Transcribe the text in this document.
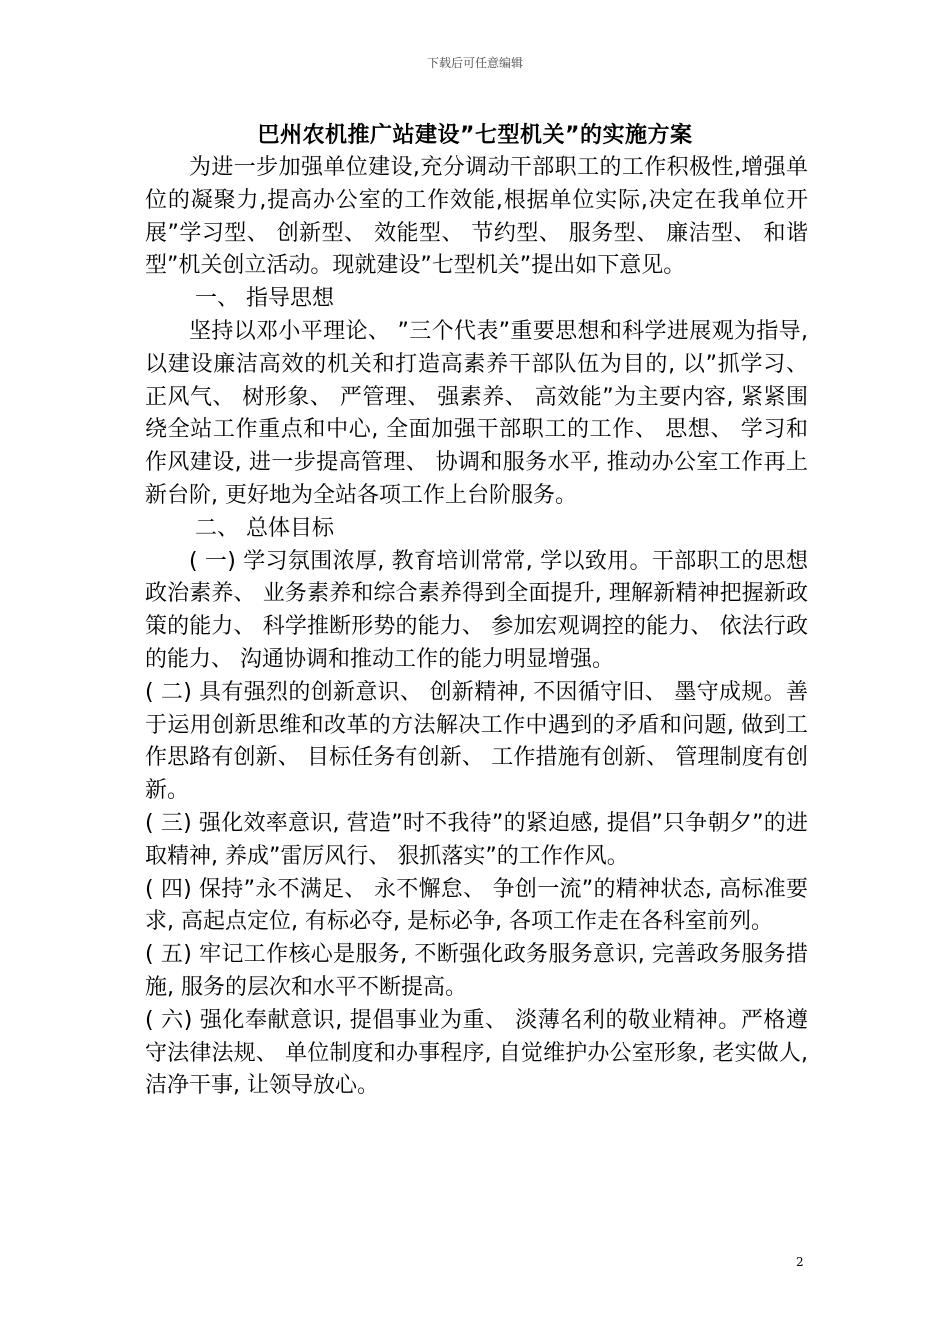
下载后可任意编辑
巴州农机推广站建设”七型机关”的实施方案

为进一步加强单位建设,充分调动干部职工的工作积极性,增强单位的凝聚力,提高办公室的工作效能,根据单位实际,决定在我单位开展”学习型、 创新型、 效能型、 节约型、 服务型、 廉洁型、 和谐型”机关创立活动。现就建设”七型机关”提出如下意见。

一、 指导思想

坚持以邓小平理论、 ”三个代表”重要思想和科学进展观为指导, 以建设廉洁高效的机关和打造高素养干部队伍为目的, 以”抓学习、 正风气、 树形象、 严管理、 强素养、 高效能”为主要内容, 紧紧围绕全站工作重点和中心, 全面加强干部职工的工作、 思想、 学习和作风建设, 进一步提高管理、 协调和服务水平, 推动办公室工作再上新台阶, 更好地为全站各项工作上台阶服务。

二、 总体目标

( 一) 学习氛围浓厚, 教育培训常常, 学以致用。干部职工的思想政治素养、 业务素养和综合素养得到全面提升, 理解新精神把握新政策的能力、 科学推断形势的能力、 参加宏观调控的能力、 依法行政的能力、 沟通协调和推动工作的能力明显增强。

( 二) 具有强烈的创新意识、 创新精神, 不因循守旧、 墨守成规。善于运用创新思维和改革的方法解决工作中遇到的矛盾和问题, 做到工作思路有创新、 目标任务有创新、 工作措施有创新、 管理制度有创新。

( 三) 强化效率意识, 营造”时不我待”的紧迫感, 提倡”只争朝夕”的进取精神, 养成”雷厉风行、 狠抓落实”的工作作风。

( 四) 保持”永不满足、 永不懈怠、 争创一流”的精神状态, 高标准要求, 高起点定位, 有标必夺, 是标必争, 各项工作走在各科室前列。

( 五) 牢记工作核心是服务, 不断强化政务服务意识, 完善政务服务措施, 服务的层次和水平不断提高。

( 六) 强化奉献意识, 提倡事业为重、 淡薄名利的敬业精神。严格遵守法律法规、 单位制度和办事程序, 自觉维护办公室形象, 老实做人, 洁净干事, 让领导放心。

2
